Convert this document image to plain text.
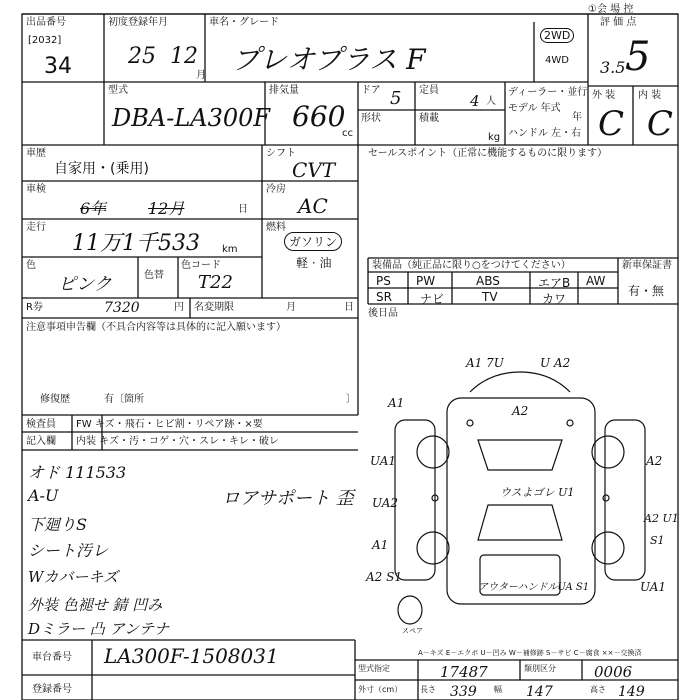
出品番号
[2032]
34
初度登録年月
25 12
月
車名・グレード
プレオプラス F
2WD
4WD
評 価 点
①会 場 控
5
3.5
外 装 内 装
C C
型式
DBA-LA300F
排気量
660
cc
ドア 5 定員
4 人
形状	積載
kg
ディーラー・並行
モデル 年式
年
ハンドル 左・右
車歴
自家用・(乗用)
シフト
CVT
車検
6年	12月	日
冷房
AC
走行
11万1千533 km
燃料
ガソリン
軽 · 油
色
ピンク	色替
色コード
T22
R券	7320	円 名変期限	月	日
セールスポイント（正常に機能するものに限ります）
装備品（純正品に限り○をつけてください）	新車保証書
有・無
PS PW	ABS	エアB AW
SR ナビ	TV	カワ
後日品
注意事項申告欄（不具合内容等は具体的に記入願います）
修復歴	有〔箇所	〕
検査員
記入欄
FW キズ・飛石・ヒビ割・リペア跡・×要
内装 キズ・汚・コゲ・穴・スレ・キレ・破レ
オド 111533
A-U
下廻りS
シート汚レ
Wカバーキズ
外装 色褪せ 錆 凹み
Dミラー 凸 アンテナ
ロアサポート 歪
A1 7U	U A2
A1
A2
UA1	A2
UA2
A1
A2 S1
A2 U1
S1
UA1
ウスよゴレ U1
アウターハンドルUA S1
スペア
A－キズ E－エクボ U－凹み W－補修跡 S－サビ C－腐食 ××－交換済
車台番号 LA300F-1508031
登録番号
型式指定	17487	類別区分	0006
外寸（cm） 長さ 339 幅 147	高さ 149
